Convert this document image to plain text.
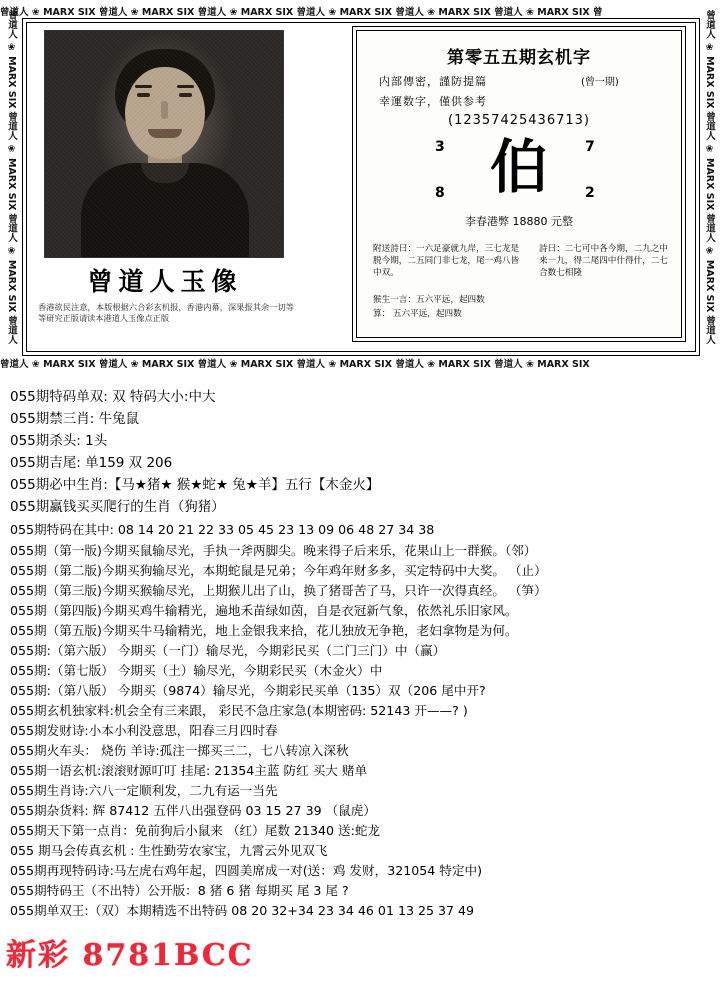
曾道人 ❀ MARX SIX 曾道人 ❀ MARX SIX 曾道人 ❀ MARX SIX 曾道人 ❀ MARX SIX 曾道人 ❀ MARX SIX 曾道人 ❀ MARX SIX 曾
曾道人 ❀ MARX SIX 曾道人 ❀ MARX SIX 曾道人 ❀ MARX SIX 曾道人 ❀ MARX SIX 曾道人 ❀ MARX SIX 曾道人 ❀ MARX SIX
曾道人 ❀ MARX SIX 曾道人 ❀ MARX SIX 曾道人 ❀ MARX SIX 曾道人	曾道人 ❀ MARX SIX 曾道人 ❀ MARX SIX 曾道人 ❀ MARX SIX 曾道人
曾道人玉像
香港欲民注意，本版根据六合彩玄机报，香港内幕，深果报其余一切等等研究正版请读本港道人玉像点正版
第零五五期玄机字
内部傳密，謹防提篇	(曾一期)
幸運数字，僅供参考
(12357425436713)
伯
3	7
8	2
李春港弊 18880 元整
附送詩曰：一六足豪就九岸，三七龙是脱今期，二五同门非七龙，尾一鸡八皆中双。
詩曰：二七可中各今期，二九之中来一九，得二尾四中什得什，二七合数七相隆
猴生一言：五六平远，起四数
算： 五六平远，起四数
055期特码单双: 双 特码大小:中大
055期禁三肖: 牛兔鼠
055期杀头: 1头
055期吉尾: 单159 双 206
055期必中生肖:【马★猪★ 猴★蛇★ 兔★羊】五行【木金火】
055期赢钱买买爬行的生肖（狗猪）
055期特码在其中: 08 14 20 21 22 33 05 45 23 13 09 06 48 27 34 38
055期（第一版)今期买鼠输尽光，手执一斧两脚尖。晚来得子后来乐，花果山上一群猴。（邻）
055期（第二版)今期买狗输尽光，本期蛇鼠是兄弟；今年鸡年财多多，买定特码中大奖。 （止）
055期（第三版)今期买猴输尽光，上期猴儿出了山，换了猪哥苦了马，只许一次得真经。 （笋）
055期（第四版)今期买鸡牛输精光，遍地禾苗绿如茵，自是衣冠新气象，依然礼乐旧家风。
055期（第五版)今期买牛马输精光，地上金银我来拾，花儿独放无争艳，老妇拿物是为何。
055期:（第六版） 今期买（一门）输尽光，今期彩民买（二门三门）中（赢）
055期:（第七版） 今期买（土）输尽光，今期彩民买（木金火）中
055期:（第八版） 今期买（9874）输尽光，今期彩民买单（135）双（206 尾中开?
055期玄机独家料:机会全有三来跟， 彩民不急庄家急(本期密码: 52143 开——? )
055期发财诗:小本小利没意思，阳春三月四时春
055期火车头： 烧伤 羊诗:孤注一掷买三二，七八转凉入深秋
055期一语玄机:滚滚财源叮叮 挂尾: 21354主蓝 防红 买大 赌单
055期生肖诗:六八一定顺利发，二九有运一当先
055期杂货料: 辉 87412 五伴八出强登码 03 15 27 39 （鼠虎）
055期天下第一点肖：免前狗后小鼠来 （红）尾数 21340 送:蛇龙
055 期马会传真玄机 : 生性勤劳农家宝，九霄云外见双飞
055期再现特码诗:马左虎右鸡年起，四圆美席成一对(送：鸡 发财，321054 特定中)
055期特码王（不出特）公开版：8 猪 6 猪 每期买 尾 3 尾 ?
055期单双王:（双）本期精选不出特码 08 20 32+34 23 34 46 01 13 25 37 49
新彩 8781BCC
